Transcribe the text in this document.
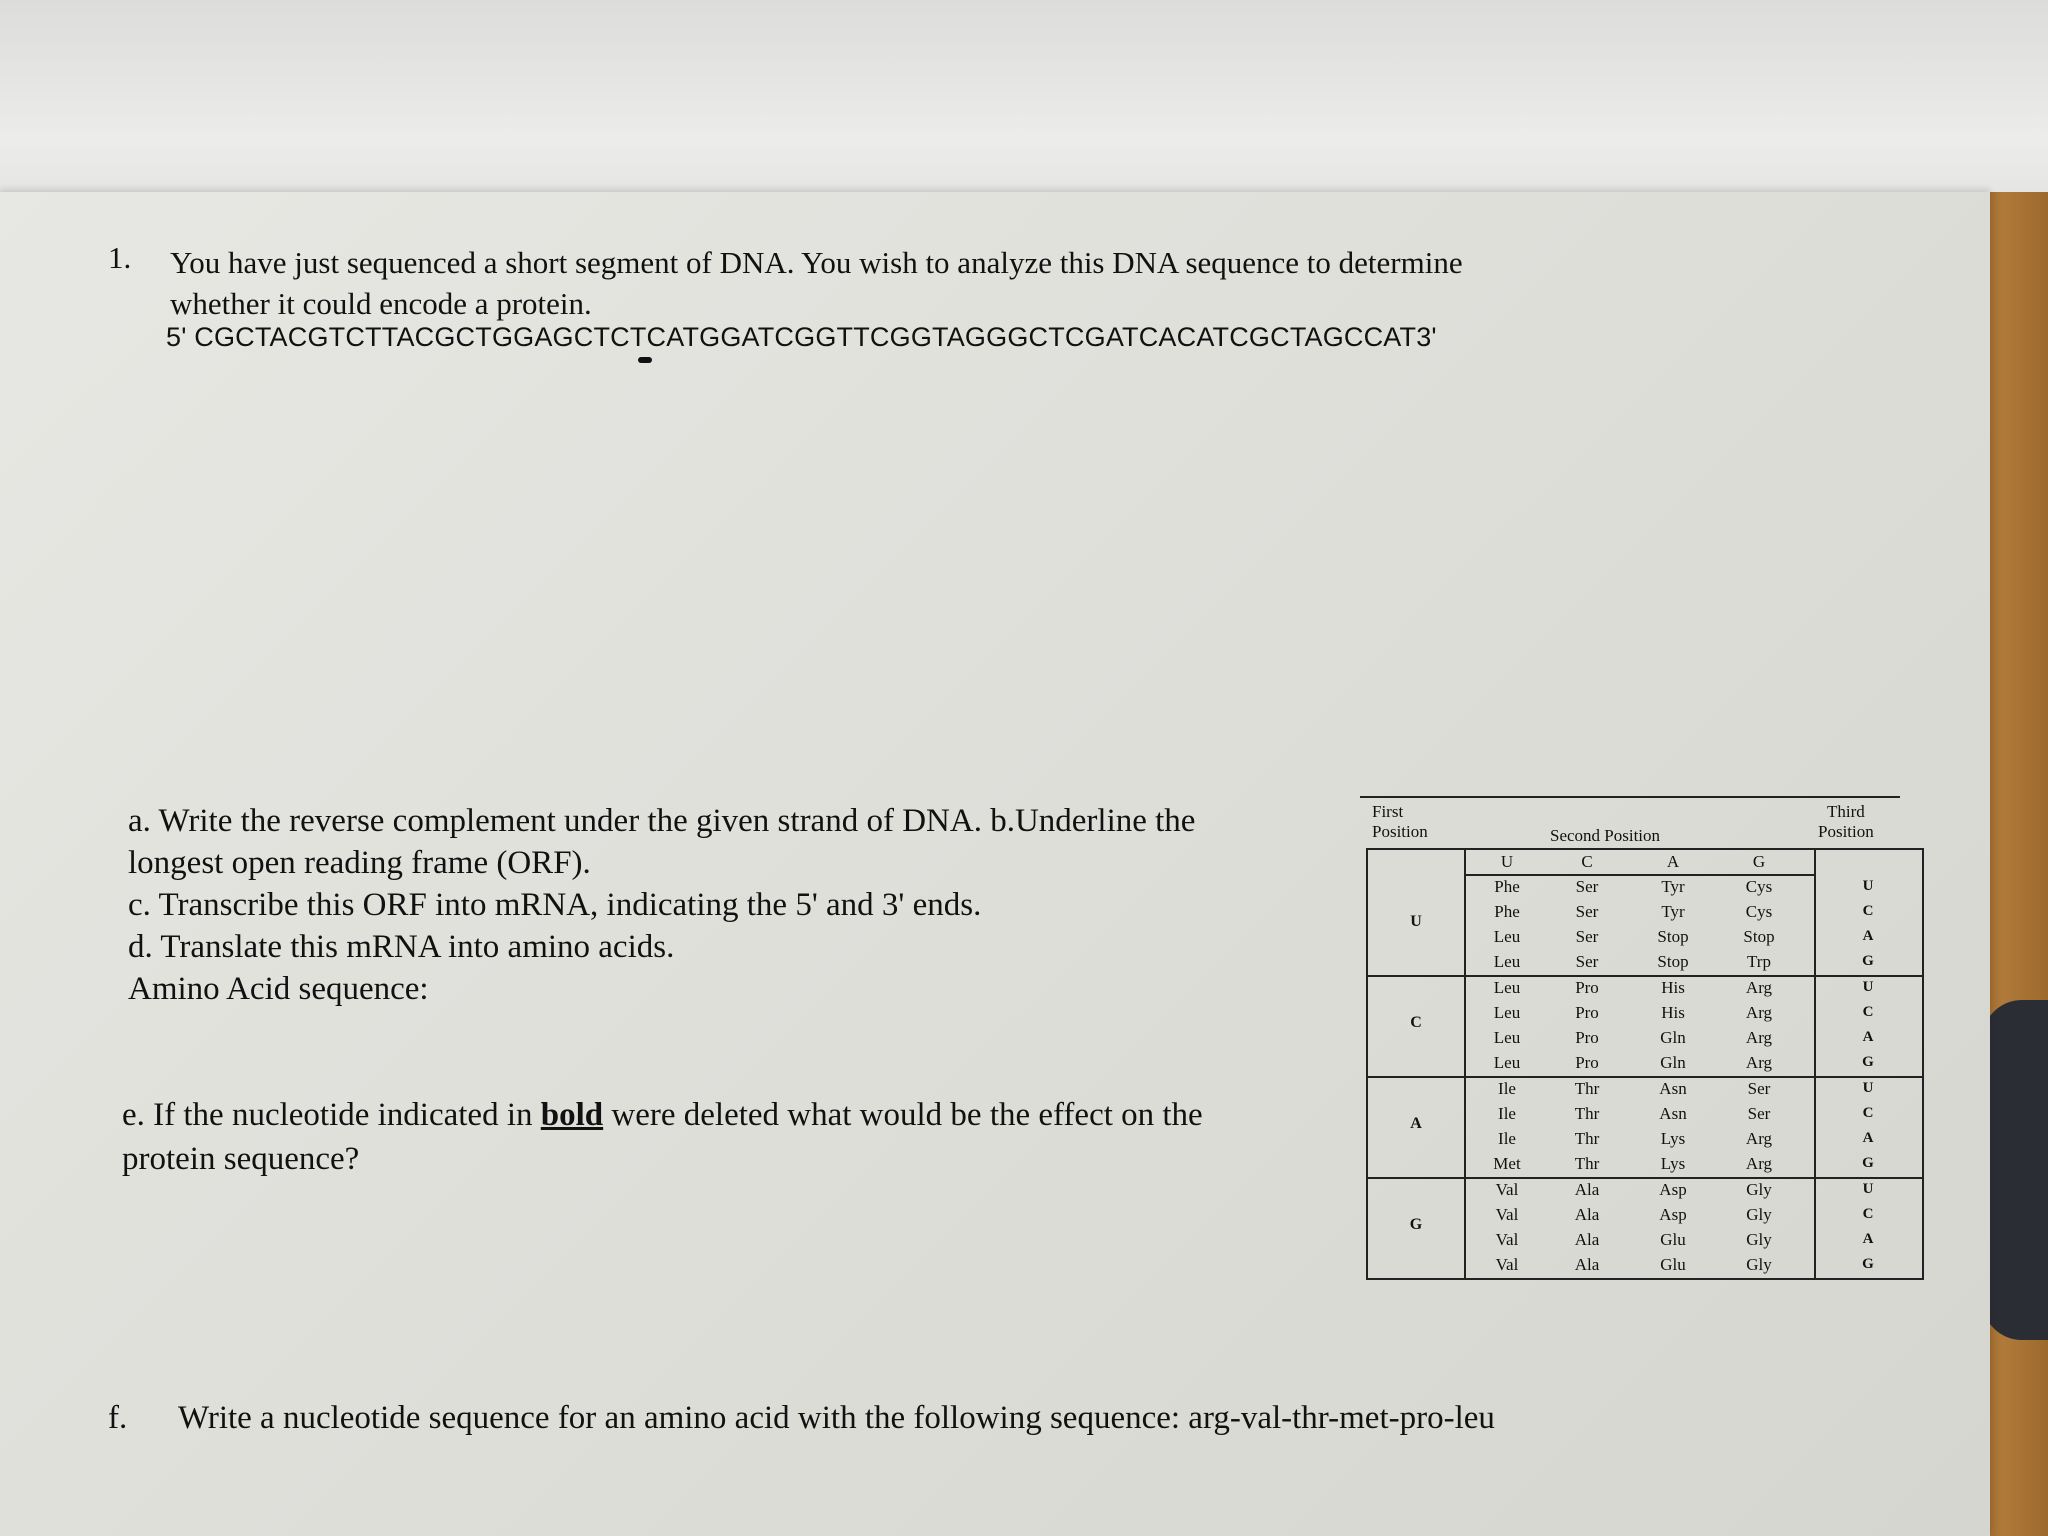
1. You have just sequenced a short segment of DNA. You wish to analyze this DNA sequence to determine
whether it could encode a protein.
5' CGCTACGTCTTACGCTGGAGCTCTCATGGATCGGTTCGGTAGGGCTCGATCACATCGCTAGCCAT3'
a. Write the reverse complement under the given strand of DNA. b.Underline the
longest open reading frame (ORF).
c. Transcribe this ORF into mRNA, indicating the 5' and 3' ends.
d. Translate this mRNA into amino acids.
Amino Acid sequence:
e. If the nucleotide indicated in bold were deleted what would be the effect on the
protein sequence?
f. Write a nucleotide sequence for an amino acid with the following sequence: arg-val-thr-met-pro-leu
First
Position	Second Position
Third
Position
U	C	A	G
U
Phe	Ser	Tyr	Cys	U
Phe	Ser	Tyr	Cys	C
Leu	Ser	Stop	Stop	A
Leu	Ser	Stop	Trp	G
C
Leu	Pro	His	Arg	U
Leu	Pro	His	Arg	C
Leu	Pro	Gln	Arg	A
Leu	Pro	Gln	Arg	G
A
Ile	Thr	Asn	Ser	U
Ile	Thr	Asn	Ser	C
Ile	Thr	Lys	Arg	A
Met	Thr	Lys	Arg	G
G
Val	Ala	Asp	Gly	U
Val	Ala	Asp	Gly	C
Val	Ala	Glu	Gly	A
Val	Ala	Glu	Gly	G
